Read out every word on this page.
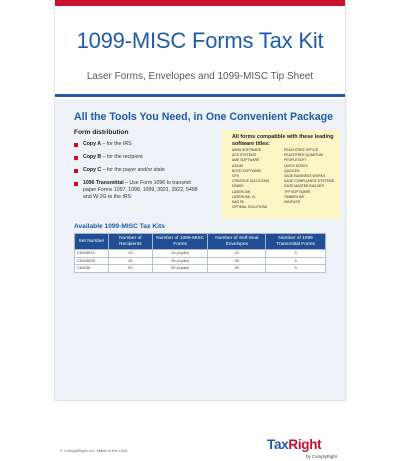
1099-MISC Forms Tax Kit
Laser Forms, Envelopes and 1099-MISC Tip Sheet
All the Tools You Need, in One Convenient Package
Form distribution
Copy A – for the IRS
Copy B – for the recipient
Copy C – for the payer and/or state
1096 Transmittal – Use Form 1096 to transmit paper Forms 1097, 1098, 1099, 3921, 3922, 5498 and W-2G to the IRS
All forms compatible with these leading software titles:
ABRA SOFTWARE
ACS SYSTEMS
AME SOFTWARE
AXIUM
BOYD SOFTWARE
CFS
CREATIVE SOLUTIONS
DRAKE
LASERLINK
LASERLINK XL
NAS 95
OPTIMAL SOLUTIONS
PEACHTREE OFFICE
PEACHTREE QUANTUM
PEOPLESOFT
QUICK BOOKS
QUICKEN
SAGE BUSINESS WORKS
SAGE COMPLIANCE SYSTEMS
SAGE MASTER BUILDER
TFP SOFTWARE
TIMBERLINE
WINFILER
Available 1099-MISC Tax Kits
Set Number	Number of Recipients	Number of 1099-MISC Forms	Number of Self-Seal Envelopes	Number of 1096 Transmittal Forms
C6103E10	10	10 (4-part)	10	3
C6103E25	25	25 (4-part)	25	3
C6103E	50	50 (4-part)	50	3
© ComplyRight, Inc. Made in the USA.	TaxRight
by ComplyRight
